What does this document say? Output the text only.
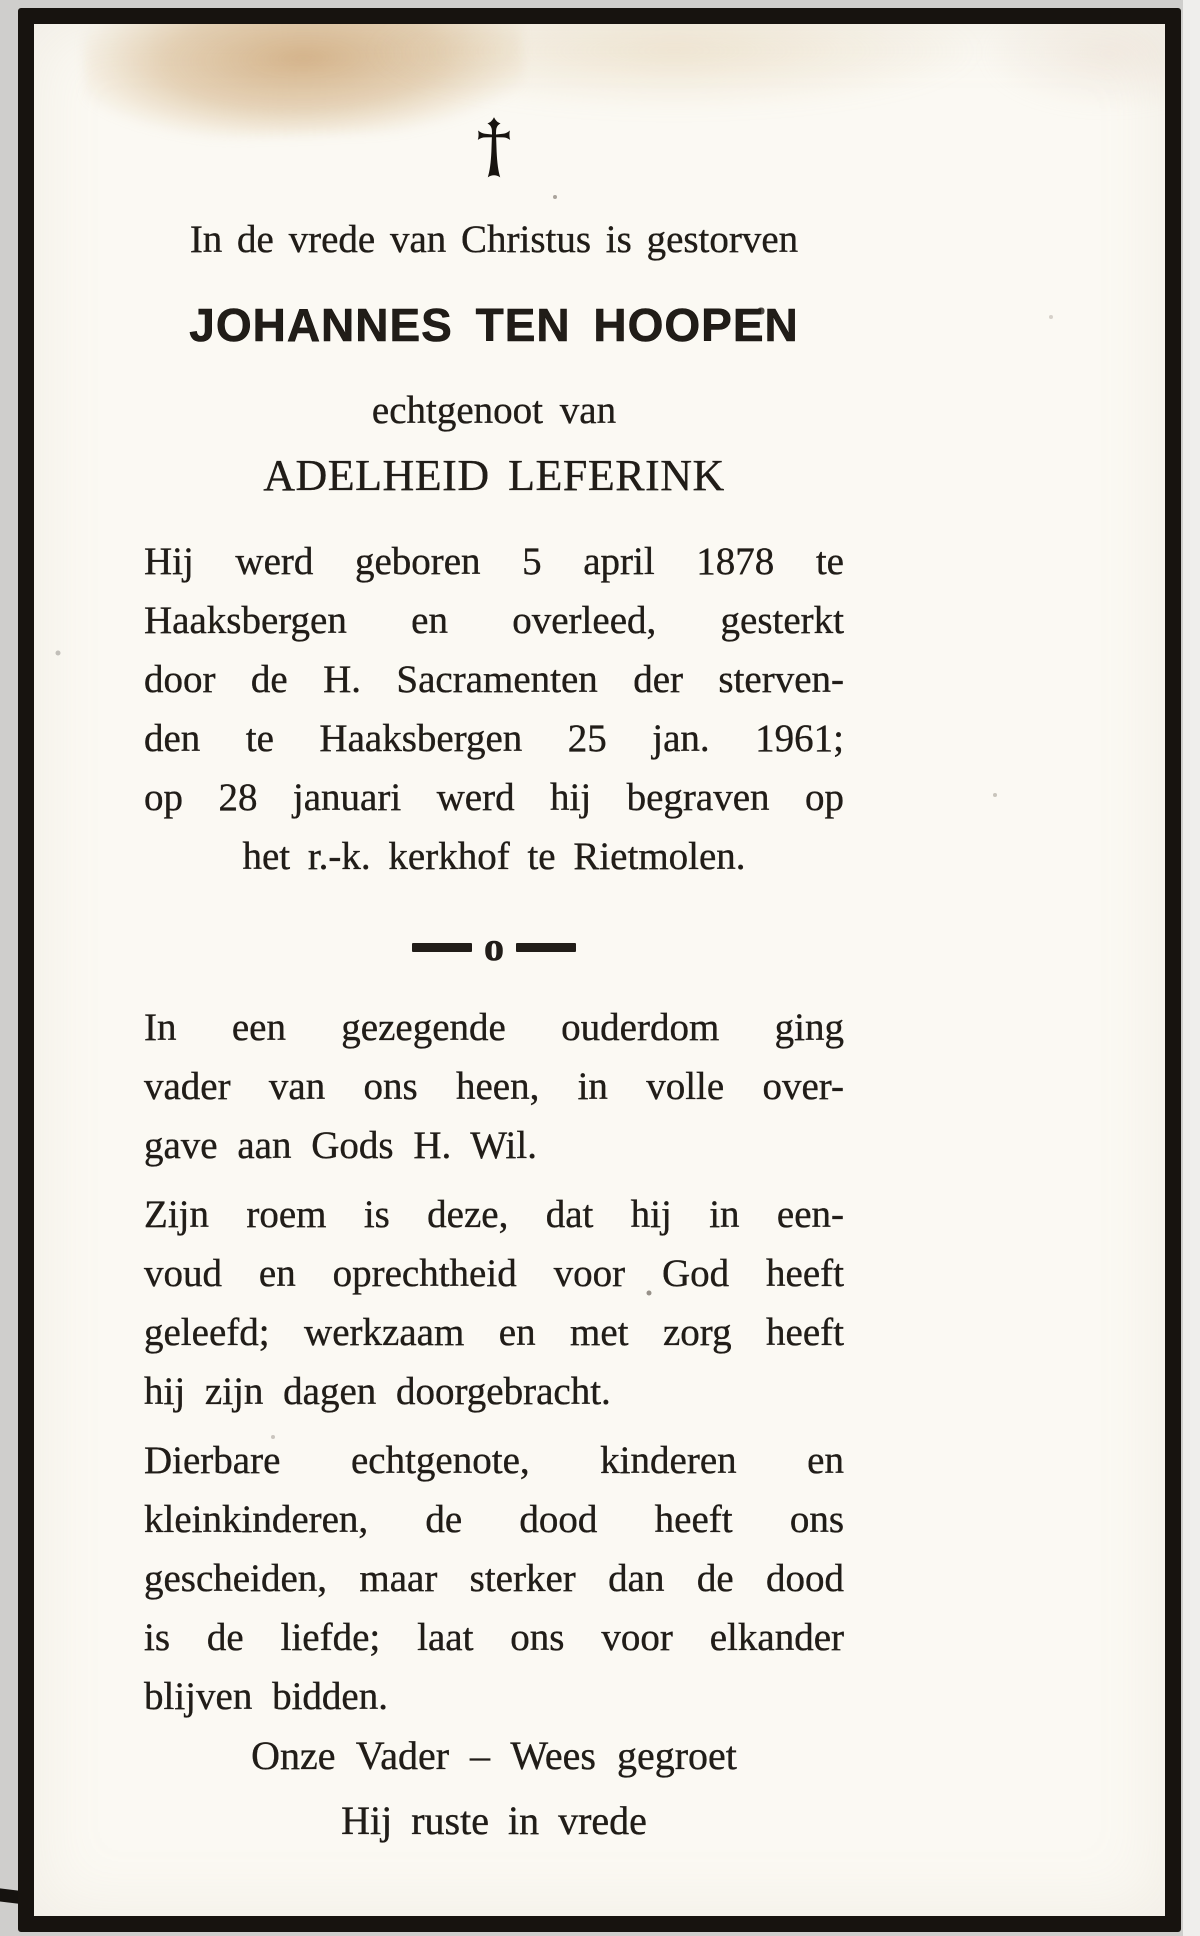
In de vrede van Christus is gestorven
JOHANNES TEN HOOPEN
echtgenoot van
ADELHEID LEFERINK
Hij werd geboren 5 april 1878 te
Haaksbergen en overleed, gesterkt
door de H. Sacramenten der sterven-
den te Haaksbergen 25 jan. 1961;
op 28 januari werd hij begraven op
het r.-k. kerkhof te Rietmolen.
o
In een gezegende ouderdom ging
vader van ons heen, in volle over-
gave aan Gods H. Wil.
Zijn roem is deze, dat hij in een-
voud en oprechtheid voor God heeft
geleefd; werkzaam en met zorg heeft
hij zijn dagen doorgebracht.
Dierbare echtgenote, kinderen en
kleinkinderen, de dood heeft ons
gescheiden, maar sterker dan de dood
is de liefde; laat ons voor elkander
blijven bidden.
Onze Vader – Wees gegroet
Hij ruste in vrede
